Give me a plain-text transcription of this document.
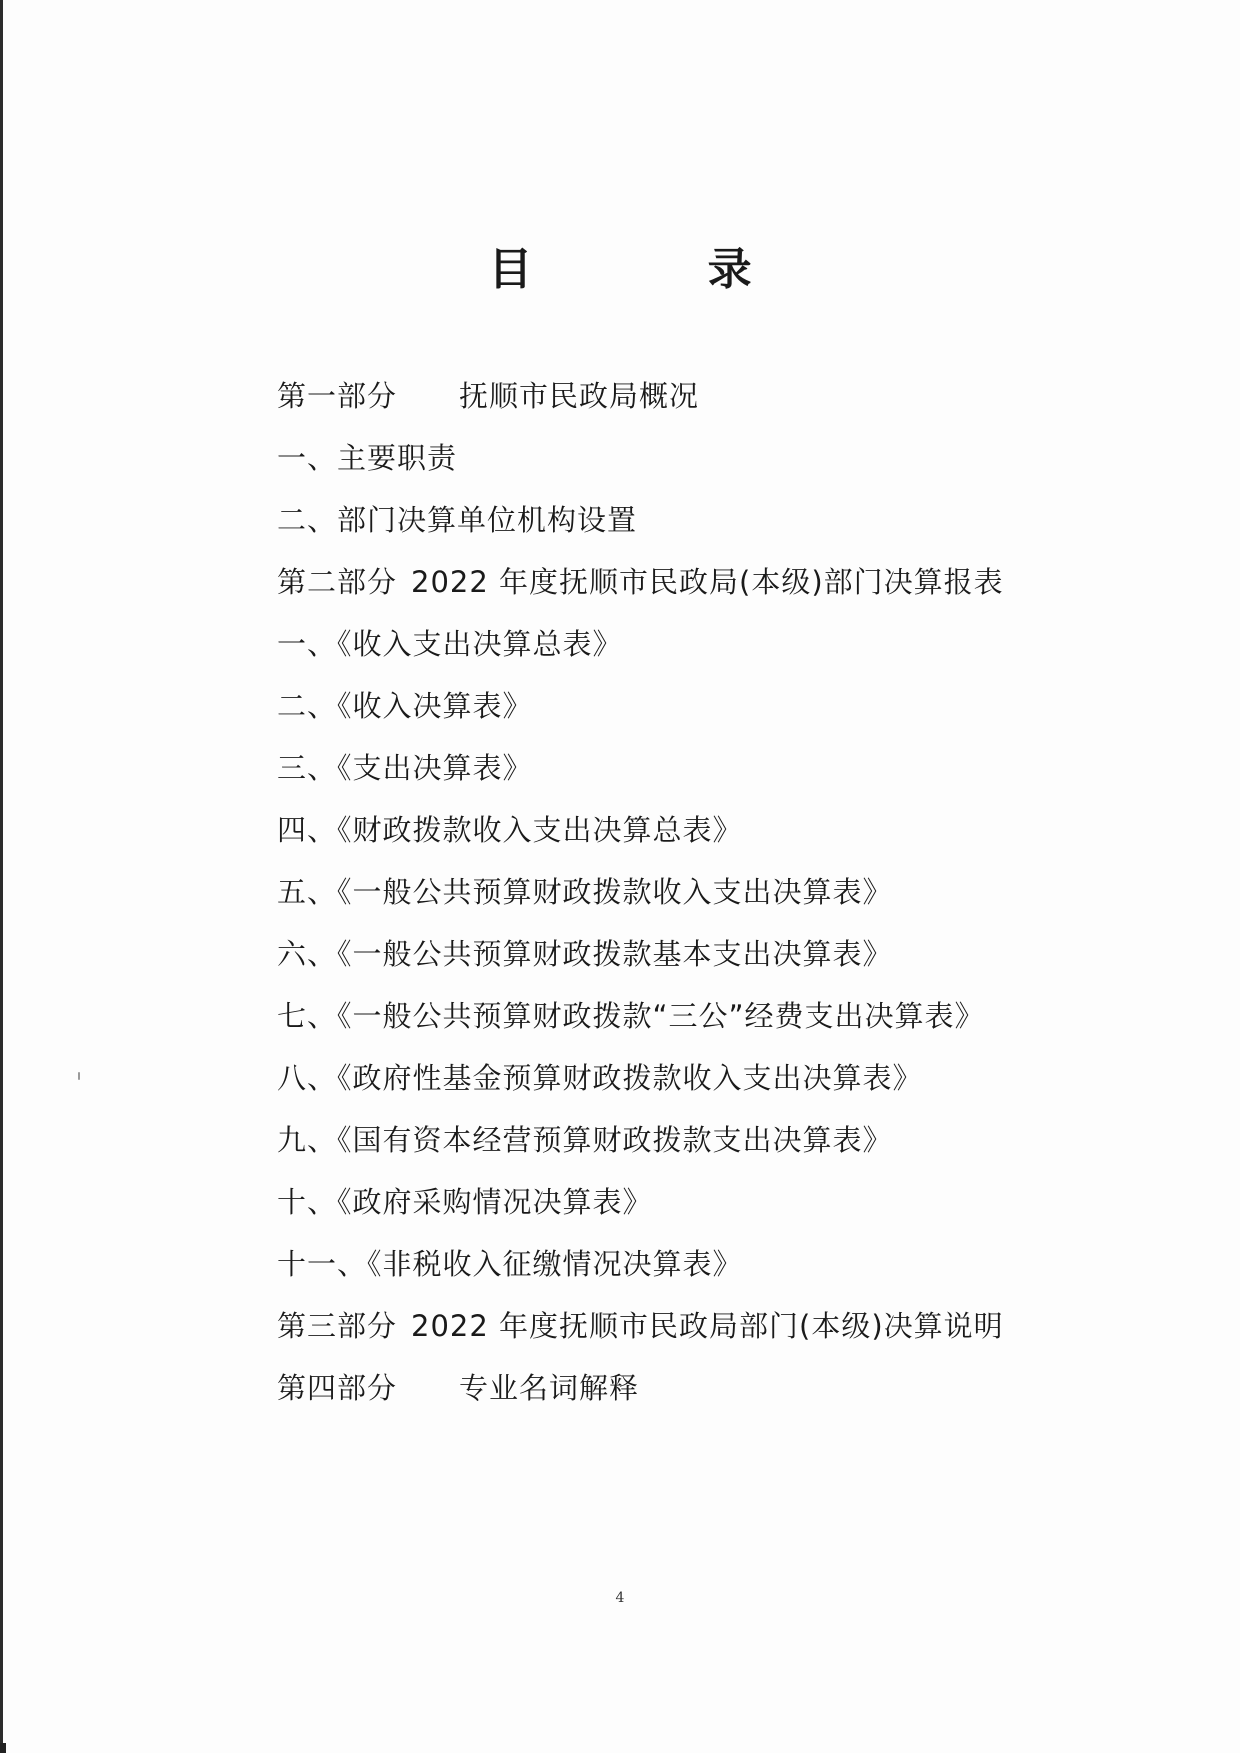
目 录
第一部分 抚顺市民政局概况
一、主要职责
二、部门决算单位机构设置
第二部分 2022 年度抚顺市民政局(本级)部门决算报表
一、《收入支出决算总表》
二、《收入决算表》
三、《支出决算表》
四、《财政拨款收入支出决算总表》
五、《一般公共预算财政拨款收入支出决算表》
六、《一般公共预算财政拨款基本支出决算表》
七、《一般公共预算财政拨款“三公”经费支出决算表》
八、《政府性基金预算财政拨款收入支出决算表》
九、《国有资本经营预算财政拨款支出决算表》
十、《政府采购情况决算表》
十一、《非税收入征缴情况决算表》
第三部分 2022 年度抚顺市民政局部门(本级)决算说明
第四部分 专业名词解释
4
